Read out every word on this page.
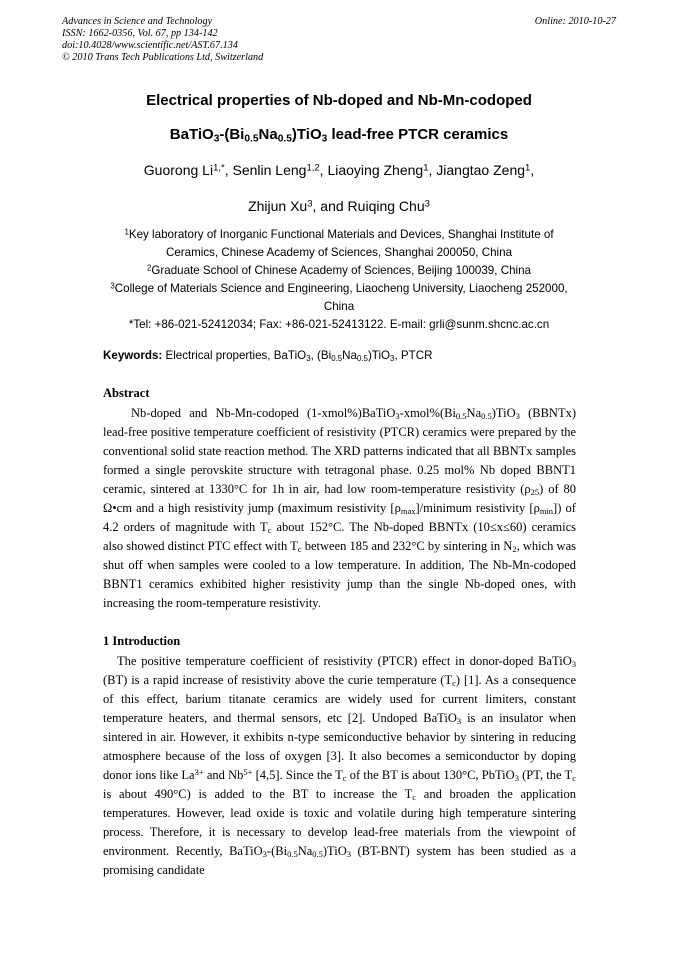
Advances in Science and Technology
ISSN: 1662-0356, Vol. 67, pp 134-142
doi:10.4028/www.scientific.net/AST.67.134
© 2010 Trans Tech Publications Ltd, Switzerland
Online: 2010-10-27
Electrical properties of Nb-doped and Nb-Mn-codoped
$BaTiO_3-(Bi_{0.5}Na_{0.5})TiO_3$ lead-free PTCR ceramics
Guorong $Li^{1,*}$, Senlin Leng$^{1,2}$, Liaoying Zheng$^1$, Jiangtao Zeng$^1$,
Zhijun Xu$^3$, and Ruiqing Chu$^3$
$^1$Key laboratory of Inorganic Functional Materials and Devices, Shanghai Institute of Ceramics, Chinese Academy of Sciences, Shanghai 200050, China
$^2$Graduate School of Chinese Academy of Sciences, Beijing 100039, China
$^3$College of Materials Science and Engineering, Liaocheng University, Liaocheng 252000, China
*Tel: +86-021-52412034; Fax: +86-021-52413122. E-mail: grli@sunm.shcnc.ac.cn
Keywords: Electrical properties, BaTiO$_3$, $(Bi_{0.5}Na_{0.5})TiO_3$, PTCR
Abstract
Nb-doped and Nb-Mn-codoped $(1-xmol\%)BaTiO_3-xmol\%(Bi_{0.5}Na_{0.5})TiO_3$ (BBNTx) lead-free positive temperature coefficient of resistivity (PTCR) ceramics were prepared by the conventional solid state reaction method. The XRD patterns indicated that all BBNTx samples formed a single perovskite structure with tetragonal phase. 0.25 mol% Nb doped BBNT1 ceramic, sintered at 1330°C for 1h in air, had low room-temperature resistivity $(\rho_{25})$ of 80 Ω•cm and a high resistivity jump (maximum resistivity $[\rho_{max}]$/minimum resistivity $[\rho_{min}]$) of 4.2 orders of magnitude with $T_c$ about 152°C. The Nb-doped BBNTx (10≤x≤60) ceramics also showed distinct PTC effect with $T_c$ between 185 and 232°C by sintering in $N_2$, which was shut off when samples were cooled to a low temperature. In addition, The Nb-Mn-codoped BBNT1 ceramics exhibited higher resistivity jump than the single Nb-doped ones, with increasing the room-temperature resistivity.
1 Introduction
The positive temperature coefficient of resistivity (PTCR) effect in donor-doped BaTiO$_3$ (BT) is a rapid increase of resistivity above the curie temperature $(T_c)$ [1]. As a consequence of this effect, barium titanate ceramics are widely used for current limiters, constant temperature heaters, and thermal sensors, etc [2]. Undoped BaTiO$_3$ is an insulator when sintered in air. However, it exhibits n-type semiconductive behavior by sintering in reducing atmosphere because of the loss of oxygen [3]. It also becomes a semiconductor by doping donor ions like $La^{3+}$ and $Nb^{5+}$ [4,5]. Since the $T_c$ of the BT is about 130°C, PbTiO$_3$ (PT, the $T_c$ is about 490°C) is added to the BT to increase the $T_c$ and broaden the application temperatures. However, lead oxide is toxic and volatile during high temperature sintering process. Therefore, it is necessary to develop lead-free materials from the viewpoint of environment. Recently, $BaTiO_3-(Bi_{0.5}Na_{0.5})TiO_3$ (BT-BNT) system has been studied as a promising candidate
